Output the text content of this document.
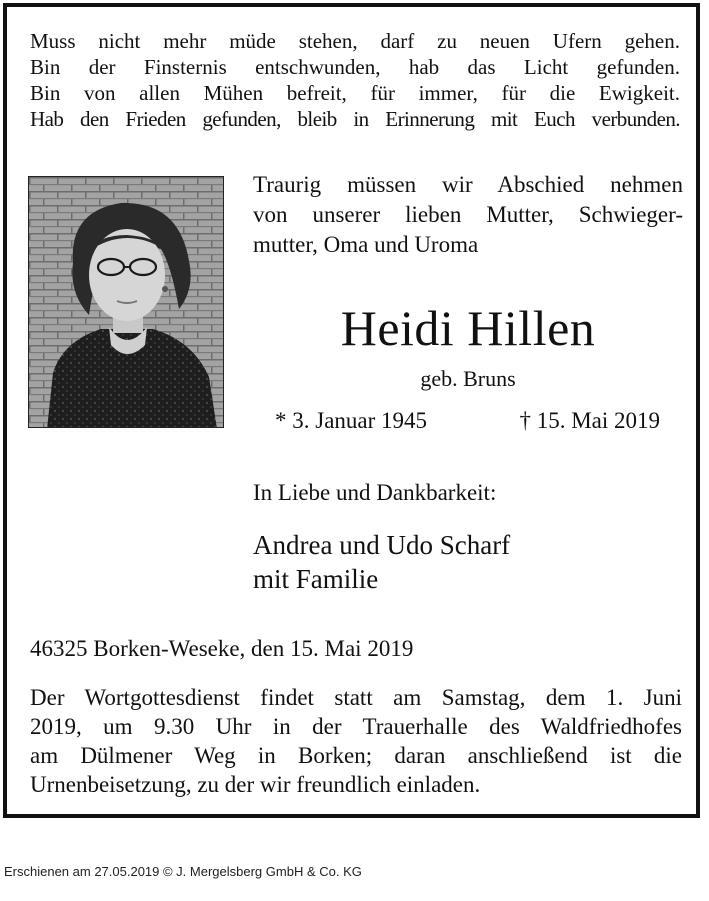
Muss nicht mehr müde stehen, darf zu neuen Ufern gehen.
Bin der Finsternis entschwunden, hab das Licht gefunden.
Bin von allen Mühen befreit, für immer, für die Ewigkeit.
Hab den Frieden gefunden, bleib in Erinnerung mit Euch verbunden.
Traurig müssen wir Abschied nehmen
von unserer lieben Mutter, Schwieger-
mutter, Oma und Uroma
Heidi Hillen
geb. Bruns
* 3. Januar 1945	† 15. Mai 2019
In Liebe und Dankbarkeit:
Andrea und Udo Scharf
mit Familie
46325 Borken-Weseke, den 15. Mai 2019
Der Wortgottesdienst findet statt am Samstag, dem 1. Juni
2019, um 9.30 Uhr in der Trauerhalle des Waldfriedhofes
am Dülmener Weg in Borken; daran anschließend ist die
Urnenbeisetzung, zu der wir freundlich einladen.
Erschienen am 27.05.2019 © J. Mergelsberg GmbH & Co. KG
